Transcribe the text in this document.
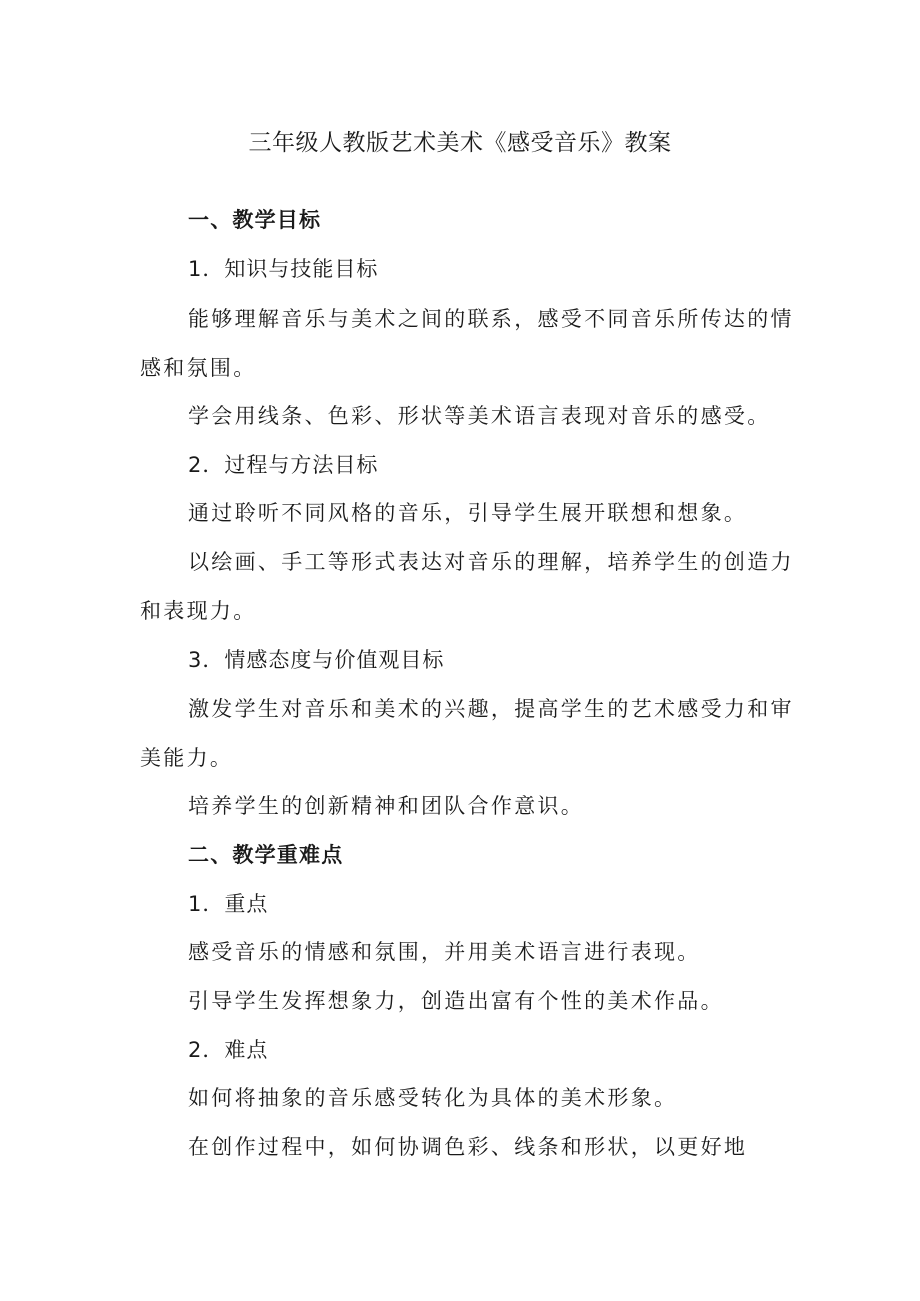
三年级人教版艺术美术《感受音乐》教案
一、教学目标
1．知识与技能目标
能够理解音乐与美术之间的联系，感受不同音乐所传达的情
感和氛围。
学会用线条、色彩、形状等美术语言表现对音乐的感受。
2．过程与方法目标
通过聆听不同风格的音乐，引导学生展开联想和想象。
以绘画、手工等形式表达对音乐的理解，培养学生的创造力
和表现力。
3．情感态度与价值观目标
激发学生对音乐和美术的兴趣，提高学生的艺术感受力和审
美能力。
培养学生的创新精神和团队合作意识。
二、教学重难点
1．重点
感受音乐的情感和氛围，并用美术语言进行表现。
引导学生发挥想象力，创造出富有个性的美术作品。
2．难点
如何将抽象的音乐感受转化为具体的美术形象。
在创作过程中，如何协调色彩、线条和形状，以更好地
